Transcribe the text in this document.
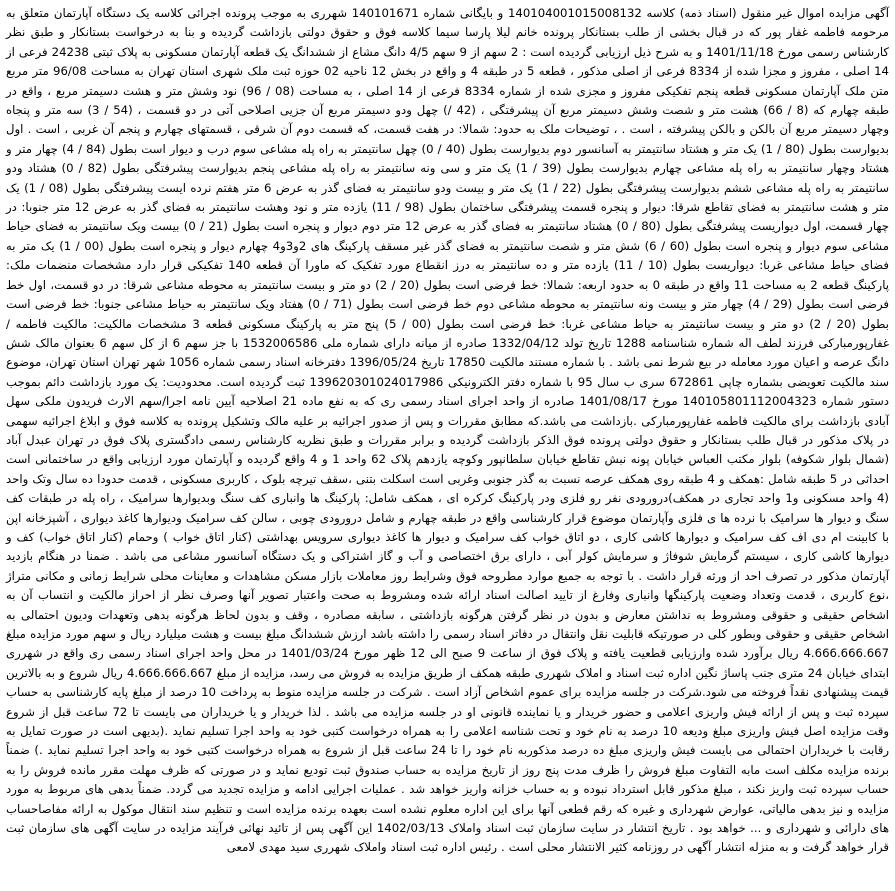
آگهی مزایده اموال غیر منقول (اسناد ذمه) کلاسه 140104001015008132 و بایگانی شماره 140101671 شهرری به موجب پرونده اجرائی کلاسه یک دستگاه آپارتمان متعلق به مرحومه فاطمه غفار پور که در قبال بخشی از طلب بستانکار پرونده خانم لیلا پارسا سیما کلاسه فوق و حقوق دولتی بازداشت گردیده و بنا به درخواست بستانکار و طبق نظر کارشناس رسمی مورخ 1401/11/18 و به شرح ذیل ارزیابی گردیده است : 2 سهم از 9 سهم 4/5 دانگ مشاع از ششدانگ یک قطعه آپارتمان مسکونی به پلاک ثبتی 24238 فرعی از 14 اصلی ، مفروز و مجزا شده از 8334 فرعی از اصلی مذکور ، قطعه 5 در طبقه 4 و واقع در بخش 12 ناحیه 02 حوزه ثبت ملک شهری استان تهران به مساحت 96/08 متر مربع متن ملک آپارتمان مسکونی قطعه پنجم تفکیکی مفروز و مجزی شده از شماره 8334 فرعی از 14 اصلی ، به مساحت (08 / 96) نود وشش متر و هشت دسیمتر مربع ، واقع در طبقه چهارم که (8 / 66) هشت متر و شصت وشش دسیمتر مربع آن پیشرفتگی ، (42 /) چهل ودو دسیمتر مربع آن جزیی اصلاحی آتی در دو قسمت ، (54 / 3) سه متر و پنجاه وچهار دسیمتر مربع آن بالکن و بالکن پیشرفته ، است . ، توضیحات ملک به حدود: شمالا: در هفت قسمت، که قسمت دوم آن شرقی ، قسمتهای چهارم و پنجم آن غربی ، است . اول بدیوارست بطول (80 / 1) یک متر و هشتاد سانتیمتر به آسانسور دوم بدیوارست بطول (40 / 0) چهل سانتیمتر به راه پله مشاعی سوم درب و دیوار است بطول (84 / 4) چهار متر و هشتاد وچهار سانتیمتر به راه پله مشاعی چهارم بدیوارست بطول (39 / 1) یک متر و سی ونه سانتیمتر به راه پله مشاعی پنجم بدیوارست پیشرفتگی بطول (82 / 0) هشتاد ودو سانتیمتر به راه پله مشاعی ششم بدیوارست پیشرفتگی بطول (22 / 1) یک متر و بیست ودو سانتیمتر به فضای گذر به عرض 6 متر هفتم نرده ایست پیشرفتگی بطول (08 / 1) یک متر و هشت سانتیمتر به فضای تقاطع شرقا: دیوار و پنجره قسمت پیشرفتگی ساختمان بطول (98 / 11) یازده متر و نود وهشت سانتیمتر به فضای گذر به عرض 12 متر جنوبا: در چهار قسمت، اول دیواریست پیشرفتگی بطول (80 / 0) هشتاد سانتیمتر به فضای گذر به عرض 12 متر دوم دیوار و پنجره است بطول (21 / 0) بیست ویک سانتیمتر به فضای حیاط مشاعی سوم دیوار و پنجره است بطول (60 / 6) شش متر و شصت سانتیمتر به فضای گذر غیر مسقف پارکینگ های 2و3و4 چهارم دیوار و پنجره است بطول (00 / 1) یک متر به فضای حیاط مشاعی غربا: دیواریست بطول (10 / 11) یازده متر و ده سانتیمتر به درز انقطاع مورد تفکیک که ماورا آن قطعه 140 تفکیکی قرار دارد مشخصات منضمات ملک: پارکینگ قطعه 2 به مساحت 11 واقع در طبقه 0 به حدود اربعه: شمالا: خط فرضی است بطول (20 / 2) دو متر و بیست سانتیمتر به محوطه مشاعی شرقا: در دو قسمت، اول خط فرضی است بطول (29 / 4) چهار متر و بیست ونه سانتیمتر به محوطه مشاعی دوم خط فرضی است بطول (71 / 0) هفتاد ویک سانتیمتر به حیاط مشاعی جنوبا: خط فرضی است بطول (20 / 2) دو متر و بیست سانتیمتر به حیاط مشاعی غربا: خط فرضی است بطول (00 / 5) پنج متر به پارکینگ مسکونی قطعه 3 مشخصات مالکیت: مالکیت فاطمه / غفارپورمبارکی فرزند لطف اله شماره شناسنامه 1288 تاریخ تولد 1332/04/12 صادره از میانه دارای شماره ملی 1532006586 با جز سهم 6 از کل سهم 6 بعنوان مالک شش دانگ عرصه و اعیان مورد معامله در بیع شرط نمی باشد . با شماره مستند مالکیت 17850 تاریخ 1396/05/24 دفترخانه اسناد رسمی شماره 1056 شهر تهران استان تهران، موضوع سند مالکیت تعویضی بشماره چاپی 672861 سری ب سال 95 با شماره دفتر الکترونیکی 139620301024017986 ثبت گردیده است. محدودیت: یک مورد بازداشت دائم بموجب دستور شماره 140105801112004323 مورخ 1401/08/17 صادره از واحد اجرای اسناد رسمی ری که به نفع ماده 21 اصلاحیه آیین نامه اجرا/سهم الارث فریدون ملکی سهل آبادی بازداشت برای مالکیت فاطمه غفارپورمبارکی .بازداشت می باشد.که مطابق مقررات و پس از صدور اجرائیه بر علیه مالک وتشکیل پرونده به کلاسه فوق و ابلاغ اجرائیه سهمی در پلاک مذکور در قبال طلب بستانکار و حقوق دولتی پرونده فوق الذکر بازداشت گردیده و برابر مقررات و طبق نظریه کارشناس رسمی دادگستری پلاک فوق در تهران عبدل آباد (شمال بلوار شکوفه) بلوار مکتب العباس خیابان پونه نبش تقاطع خیابان سلطانپور وکوچه یازدهم پلاک 62 واحد 1 و 4 واقع گردیده و آپارتمان مورد ارزیابی واقع در ساختمانی است احداثی در 5 طبقه شامل :همکف و 4 طبقه روی همکف عرصه نسبت به گذر جنوبی وغربی است اسکلت بتنی ،سقف تیرچه بلوک ، کاربری مسکونی ، قدمت حدودا ده سال وتک واحد (4 واحد مسکونی و1 واحد تجاری در همکف)درورودی نفر رو فلزی ودر پارکینگ کرکره ای ، همکف شامل: پارکینگ ها وانباری کف سنگ وبدیوارها سرامیک ، راه پله در طبقات کف سنگ و دیوار ها سرامیک با نرده ها ی فلزی وآپارتمان موضوع قرار کارشناسی واقع در طبقه چهارم و شامل درورودی چوبی ، سالن کف سرامیک ودیوارها کاغذ دیواری ، آشپزخانه اپن با کابینت ام دی اف کف سرامیک و دیوارها کاشی کاری ، دو اتاق خواب کف سرامیک و دیوار ها کاغذ دیواری سرویس بهداشتی (کنار اتاق خواب ) وحمام (کنار اتاق خواب) کف و دیوارها کاشی کاری ، سیستم گرمایش شوفاژ و سرمایش کولر آبی ، دارای برق اختصاصی و آب و گاز اشتراکی و یک دستگاه آسانسور مشاعی می باشد . ضمنا در هنگام بازدید آپارتمان مذکور در تصرف احد از ورثه قرار داشت . با توجه به جمیع موارد مطروحه فوق وشرایط روز معاملات بازار مسکن مشاهدات و معاینات محلی شرایط زمانی و مکانی متراژ ،نوع کاربری ، قدمت وتعداد وضعیت پارکینگها وانباری وفارغ از تایید اصالت اسناد ارائه شده ومشروط به صحت واعتبار تصویر آنها وصرف نظر از احراز مالکیت و انتساب آن به اشخاص حقیقی و حقوقی ومشروط به نداشتن معارض و بدون در نظر گرفتن هرگونه بازداشتی ، سابقه مصادره ، وقف و بدون لحاظ هرگونه بدهی وتعهدات ودیون احتمالی به اشخاص حقیقی و حقوقی وبطور کلی در صورتیکه قابلیت نقل وانتقال در دفاتر اسناد رسمی را داشته باشد ارزش ششدانگ مبلغ بیست و هشت میلیارد ریال و سهم مورد مزایده مبلغ 4.666.666.667 ریال برآورد شده وارزیابی قطعیت یافته و پلاک فوق از ساعت 9 صبح الی 12 ظهر مورخ 1401/03/24 در محل واحد اجرای اسناد رسمی ری واقع در شهرری ابتدای خیابان 24 متری جنب پاساژ نگین اداره ثبت اسناد و املاک شهرری طبقه همکف از طریق مزایده به فروش می رسد، مزایده از مبلغ 4.666.666.667 ریال شروع و به بالاترین قیمت پیشنهادی نقداً فروخته می شود.شرکت در جلسه مزایده برای عموم اشخاص آزاد است . شرکت در جلسه مزایده منوط به پرداخت 10 درصد از مبلغ پایه کارشناسی به حساب سپرده ثبت و پس از ارائه فیش واریزی اعلامی و حضور خریدار و یا نماینده قانونی او در جلسه مزایده می باشد . لذا خریدار و یا خریداران می بایست تا 72 ساعت قبل از شروع وقت مزایده اصل فیش واریزی مبلغ ودیعه 10 درصد به نام خود و تحت شناسه اعلامی را به همراه درخواست کتبی خود به واحد اجرا تسلیم نماید .(بدیهی است در صورت تمایل به رقابت با خریداران احتمالی می بایست فیش واریزی مبلغ ده درصد مذکوربه نام خود را تا 24 ساعت قبل از شروع به همراه درخواست کتبی خود به واحد اجرا تسلیم نماید .) ضمناً برنده مزایده مکلف است مابه التفاوت مبلغ فروش را ظرف مدت پنج روز از تاریخ مزایده به حساب صندوق ثبت تودیع نماید و در صورتی که ظرف مهلت مقرر مانده فروش را به حساب سپرده ثبت واریز نکند ، مبلغ مذکور قابل استرداد نبوده و به حساب خزانه واریز خواهد شد . عملیات اجرایی ادامه و مزایده تجدید می گردد. ضمناً بدهی های مربوط به مورد مزایده و نیز بدهی مالیاتی، عوارض شهرداری و غیره که رقم قطعی آنها برای این اداره معلوم نشده است بعهده برنده مزایده است و تنظیم سند انتقال موکول به ارائه مفاصاحساب های دارائی و شهرداری و ... خواهد بود . تاریخ انتشار در سایت سازمان ثبت اسناد واملاک 1402/03/13 این آگهی پس از تائید نهائی فرآیند مزایده در سایت آگهی های سازمان ثبت قرار خواهد گرفت و به منزله انتشار آگهی در روزنامه کثیر الانتشار محلی است . رئیس اداره ثبت اسناد واملاک شهرری سید مهدی لامعی
